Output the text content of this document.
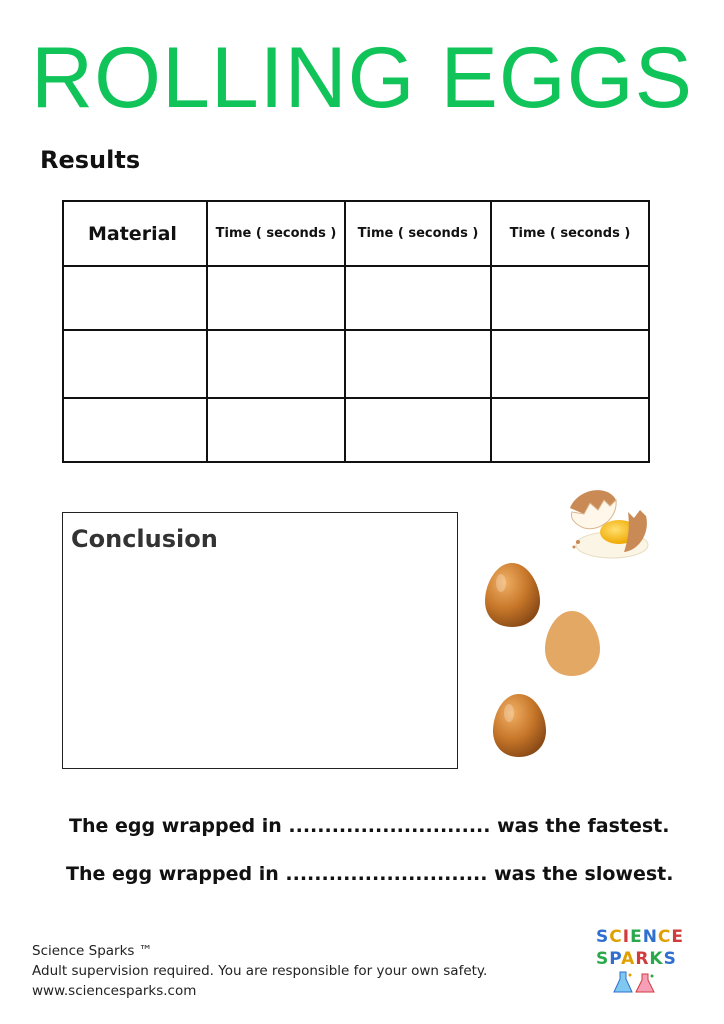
ROLLING EGGS
Results
Material	Time ( seconds )	Time ( seconds )	Time ( seconds )

Conclusion
The egg wrapped in ............................ was the fastest.
The egg wrapped in ............................ was the slowest.
Science Sparks ™
Adult supervision required. You are responsible for your own safety.
www.sciencesparks.com
SCIENCE
SPARKS
